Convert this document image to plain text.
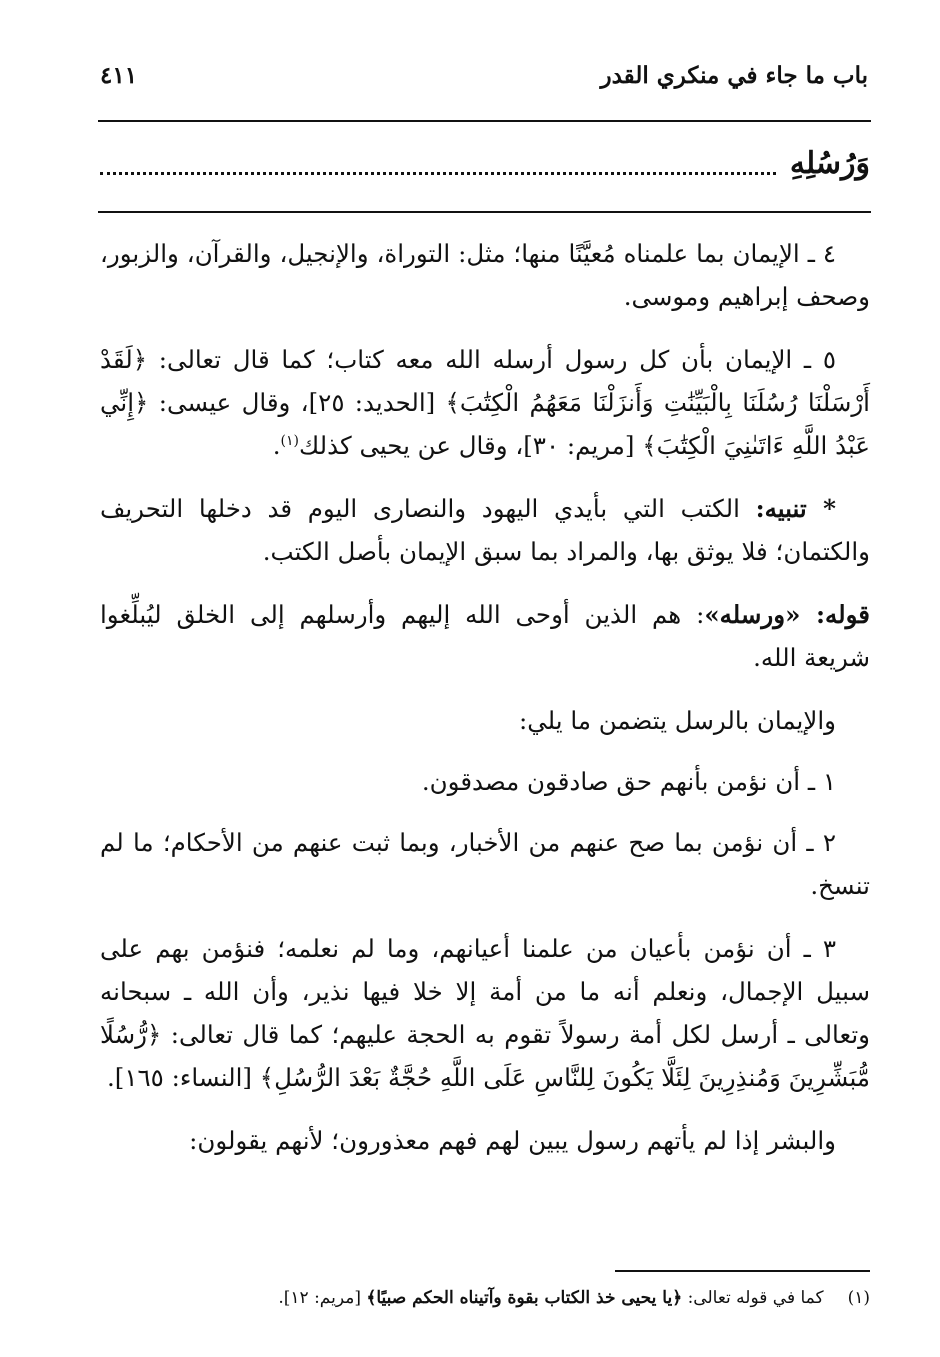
باب ما جاء في منكري القدر
٤١١
وَرُسُلِهِ

٤ ـ الإيمان بما علمناه مُعيَّنًا منها؛ مثل: التوراة، والإنجيل، والقرآن، والزبور، وصحف إبراهيم وموسى.

٥ ـ الإيمان بأن كل رسول أرسله الله معه كتاب؛ كما قال تعالى: ﴿لَقَدْ أَرْسَلْنَا رُسُلَنَا بِالْبَيِّنَٰتِ وَأَنزَلْنَا مَعَهُمُ الْكِتَٰبَ﴾ [الحديد: ٢٥]، وقال عيسى: ﴿إِنِّي عَبْدُ اللَّهِ ءَاتَىٰنِيَ الْكِتَٰبَ﴾ [مريم: ٣٠]، وقال عن يحيى كذلك$^{(١)}$.

* تنبيه: الكتب التي بأيدي اليهود والنصارى اليوم قد دخلها التحريف والكتمان؛ فلا يوثق بها، والمراد بما سبق الإيمان بأصل الكتب.

قوله: «ورسله»: هم الذين أوحى الله إليهم وأرسلهم إلى الخلق ليُبلِّغوا شريعة الله.

والإيمان بالرسل يتضمن ما يلي:

١ ـ أن نؤمن بأنهم حق صادقون مصدقون.

٢ ـ أن نؤمن بما صح عنهم من الأخبار، وبما ثبت عنهم من الأحكام؛ ما لم تنسخ.

٣ ـ أن نؤمن بأعيان من علمنا أعيانهم، وما لم نعلمه؛ فنؤمن بهم على سبيل الإجمال، ونعلم أنه ما من أمة إلا خلا فيها نذير، وأن الله ـ سبحانه وتعالى ـ أرسل لكل أمة رسولاً تقوم به الحجة عليهم؛ كما قال تعالى: ﴿رُّسُلًا مُّبَشِّرِينَ وَمُنذِرِينَ لِئَلَّا يَكُونَ لِلنَّاسِ عَلَى اللَّهِ حُجَّةٌ بَعْدَ الرُّسُلِ﴾ [النساء: ١٦٥].

والبشر إذا لم يأتهم رسول يبين لهم فهم معذورون؛ لأنهم يقولون:

(١)كما في قوله تعالى: ﴿يا يحيى خذ الكتاب بقوة وآتيناه الحكم صبيًا﴾ [مريم: ١٢].
